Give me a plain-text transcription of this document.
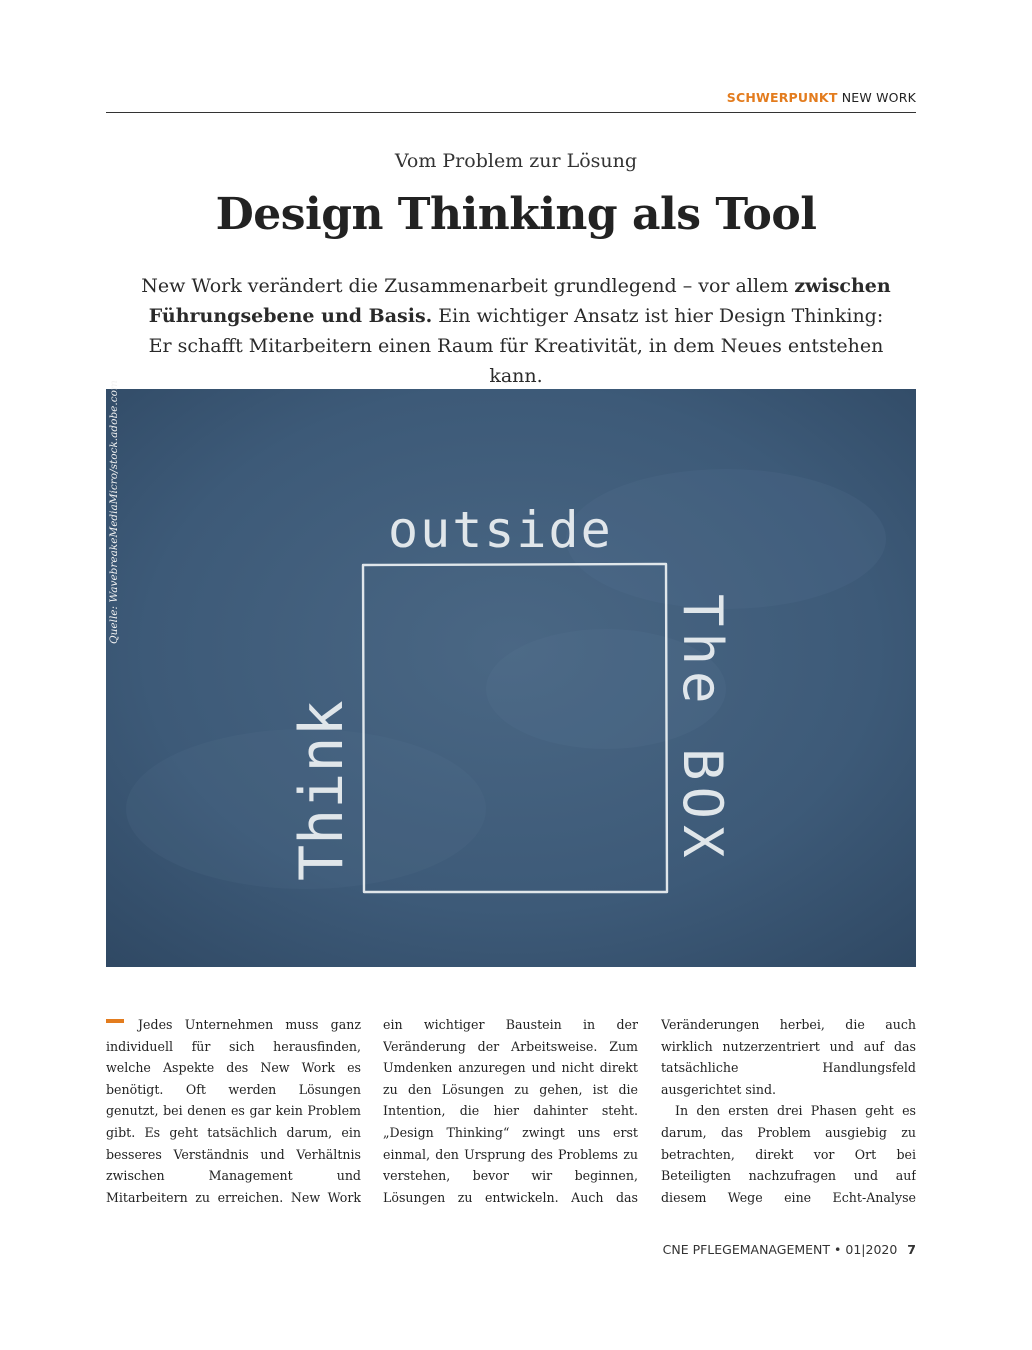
SCHWERPUNKT NEW WORK
Vom Problem zur Lösung
Design Thinking als Tool
New Work verändert die Zusammenarbeit grundlegend – vor allem zwischen Führungsebene und Basis. Ein wichtiger Ansatz ist hier Design Thinking: Er schafft Mitarbeitern einen Raum für Kreativität, in dem Neues entstehen kann.
outside
Think	The BOX
Quelle: WavebreakeMediaMicro/stock.adobe.com

Jedes Unternehmen muss ganz individuell für sich herausfinden, welche Aspekte des New Work es benötigt. Oft werden Lösungen genutzt, bei denen es gar kein Problem gibt. Es geht tatsächlich darum, ein besseres Verständnis und Verhältnis zwischen Management und Mitarbeitern zu erreichen. New Work

ein wichtiger Baustein in der Veränderung der Arbeitsweise. Zum Umdenken anzuregen und nicht direkt zu den Lösungen zu gehen, ist die Intention, die hier dahinter steht. „Design Thinking“ zwingt uns erst einmal, den Ursprung des Problems zu verstehen, bevor wir beginnen, Lösungen zu entwickeln. Auch das

Veränderungen herbei, die auch wirklich nutzerzentriert und auf das tatsächliche Handlungsfeld ausgerichtet sind.

In den ersten drei Phasen geht es darum, das Problem ausgiebig zu betrachten, direkt vor Ort bei Beteiligten nachzufragen und auf diesem Wege eine Echt-Analyse

CNE PFLEGEMANAGEMENT • 01|2020 7
